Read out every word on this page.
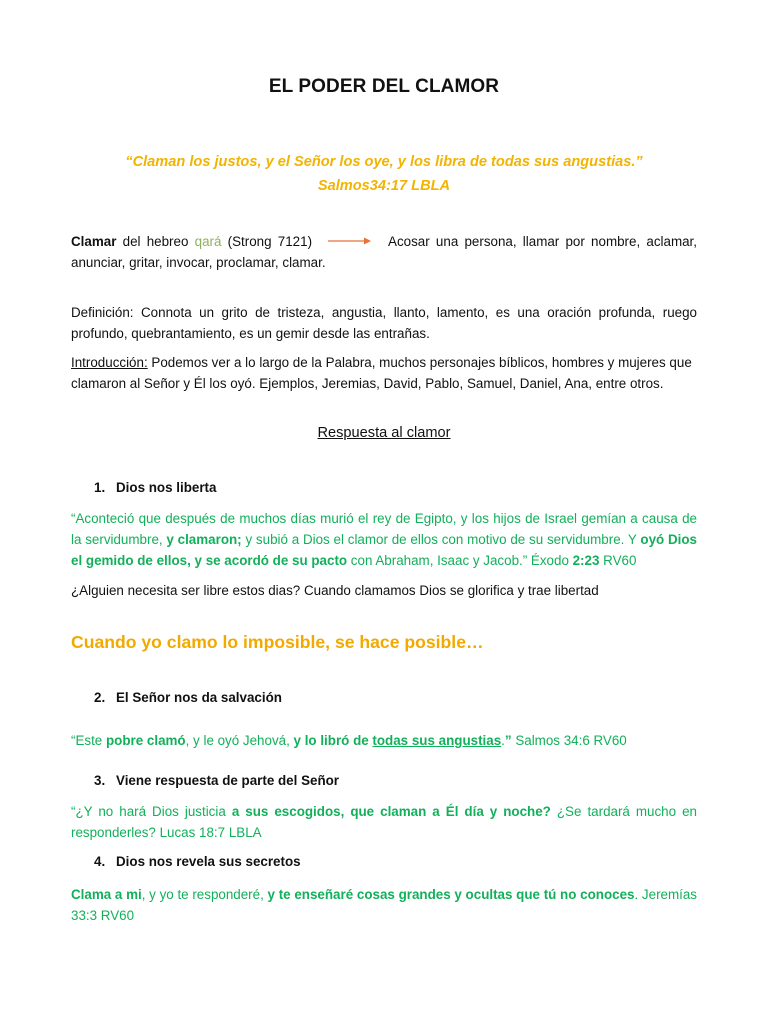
EL PODER DEL CLAMOR
“Claman los justos, y el Señor los oye, y los libra de todas sus angustias.”
Salmos34:17 LBLA

Clamar del hebreo qará (Strong 7121)	Acosar una persona, llamar por nombre, aclamar, anunciar, gritar, invocar, proclamar, clamar.

Definición: Connota un grito de tristeza, angustia, llanto, lamento, es una oración profunda, ruego profundo, quebrantamiento, es un gemir desde las entrañas.

Introducción: Podemos ver a lo largo de la Palabra, muchos personajes bíblicos, hombres y mujeres que clamaron al Señor y Él los oyó. Ejemplos, Jeremias, David, Pablo, Samuel, Daniel, Ana, entre otros.

Respuesta al clamor
1. Dios nos liberta

“Aconteció que después de muchos días murió el rey de Egipto, y los hijos de Israel gemían a causa de la servidumbre, y clamaron; y subió a Dios el clamor de ellos con motivo de su servidumbre. Y oyó Dios el gemido de ellos, y se acordó de su pacto con Abraham, Isaac y Jacob.” Éxodo 2:23 RV60

¿Alguien necesita ser libre estos dias? Cuando clamamos Dios se glorifica y trae libertad

Cuando yo clamo lo imposible, se hace posible…

2. El Señor nos da salvación

“Este pobre clamó, y le oyó Jehová, y lo libró de todas sus angustias.” Salmos 34:6 RV60

3. Viene respuesta de parte del Señor

“¿Y no hará Dios justicia a sus escogidos, que claman a Él día y noche? ¿Se tardará mucho en responderles? Lucas 18:7 LBLA

4. Dios nos revela sus secretos

Clama a mi, y yo te responderé, y te enseñaré cosas grandes y ocultas que tú no conoces. Jeremías 33:3 RV60
